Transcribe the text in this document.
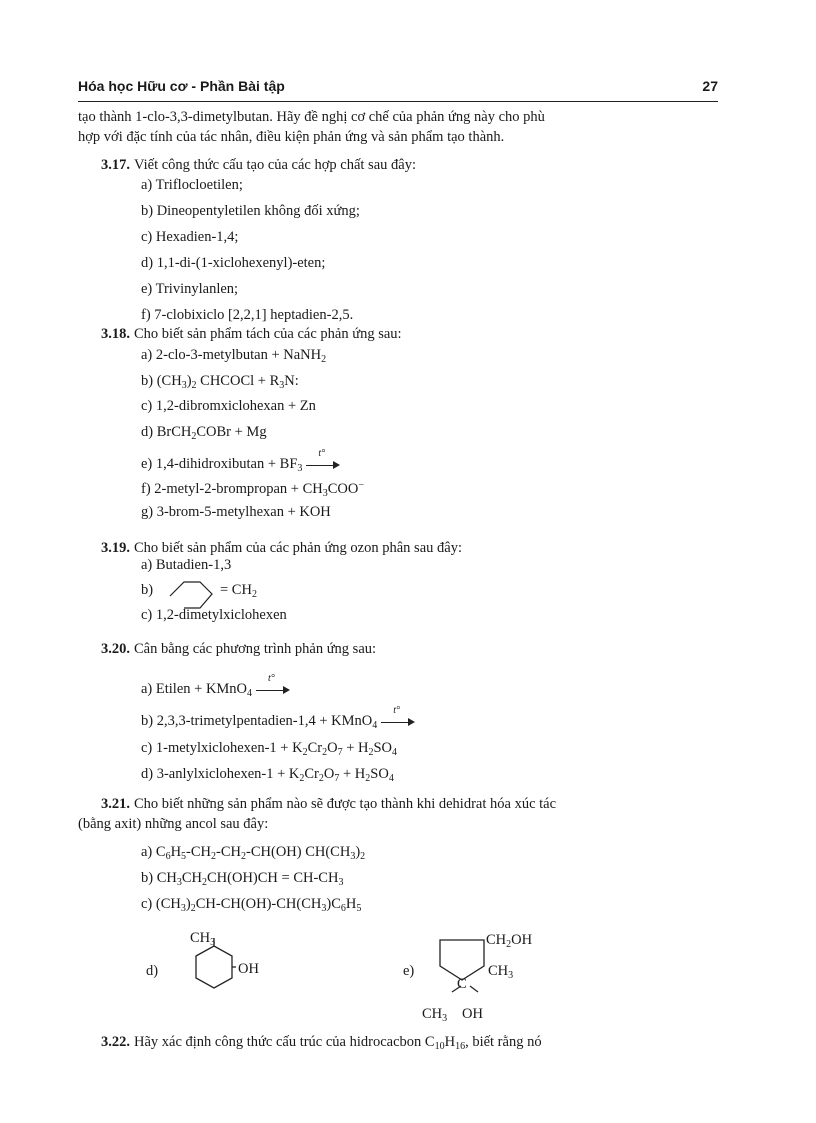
Hóa học Hữu cơ - Phần Bài tập	27
tạo thành 1-clo-3,3-dimetylbutan. Hãy đề nghị cơ chế của phản ứng này cho phù
hợp với đặc tính của tác nhân, điều kiện phản ứng và sản phẩm tạo thành.
3.17. Viết công thức cấu tạo của các hợp chất sau đây:
a) Triflocloetilen;
b) Dineopentyletilen không đối xứng;
c) Hexadien-1,4;
d) 1,1-di-(1-xiclohexenyl)-eten;
e) Trivinylanlen;
f) 7-clobixiclo [2,2,1] heptadien-2,5.
3.18. Cho biết sản phẩm tách của các phản ứng sau:
a) 2-clo-3-metylbutan + NaNH$_2$
b) $(CH_3)_2$ CHCOCl + $R_3N$:
c) 1,2-dibromxiclohexan + Zn
d) BrCH$_2$COBr + Mg
e) 1,4-dihidroxibutan + $BF_3$
t°
f) 2-metyl-2-brompropan + $CH_3COO^-$
g) 3-brom-5-metylhexan + KOH
3.19. Cho biết sản phẩm của các phản ứng ozon phân sau đây:
a) Butadien-1,3
b)	= $CH_2$
c) 1,2-dimetylxiclohexen
3.20. Cân bằng các phương trình phản ứng sau:
a) Etilen + KMnO$_4$
t°
b) 2,3,3-trimetylpentadien-1,4 + KMnO$_4$
t°
c) 1-metylxiclohexen-1 + $K_2Cr_2O_7 + H_2SO_4$
d) 3-anlylxiclohexen-1 + $K_2Cr_2O_7 + H_2SO_4$
3.21. Cho biết những sản phẩm nào sẽ được tạo thành khi dehidrat hóa xúc tác
(bằng axit) những ancol sau đây:
a) $C_6H_5-CH_2-CH_2-CH(OH)$ $CH(CH_3)_2$
b) $CH_3CH_2CH(OH)CH = CH-CH_3$
c) $(CH_3)_2CH-CH(OH)-CH(CH_3)C_6H_5$
d)
$CH_3$
OH	e)
$CH_2OH$
$CH_3$
C
$CH_3$ OH
3.22. Hãy xác định công thức cấu trúc của hidrocacbon $C_{10}H_{16}$, biết rằng nó
